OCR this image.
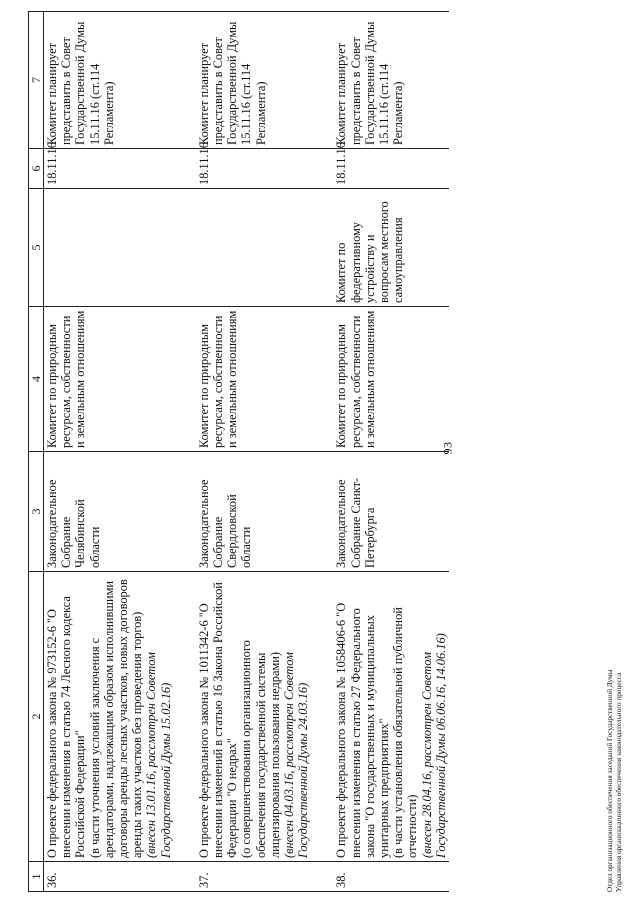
93
1	2	3	4	5	6	7
36.	О проекте федерального закона № 973152-6 "О внесении изменения в статью 74 Лесного кодекса Российской Федерации"
(в части уточнения условий заключения с арендаторами, надлежащим образом исполнившими договоры аренды лесных участков, новых договоров аренды таких участков без проведения торгов)
(внесен 13.01.16, рассмотрен Советом Государственной Думы 15.02.16)	Законодательное Собрание Челябинской области	Комитет по природным ресурсам, собственности и земельным отношениям		18.11.16	Комитет планирует представить в Совет Государственной Думы 15.11.16 (ст.114 Регламента)

37.	О проекте федерального закона № 1011342-6 "О внесении изменений в статью 16 Закона Российской Федерации "О недрах"
(о совершенствовании организационного обеспечения государственной системы лицензирования пользования недрами)
(внесен 04.03.16, рассмотрен Советом Государственной Думы 24.03.16)	Законодательное Собрание Свердловской области	Комитет по природным ресурсам, собственности и земельным отношениям		18.11.16	Комитет планирует представить в Совет Государственной Думы 15.11.16 (ст.114 Регламента)

38.	О проекте федерального закона № 1058406-6 "О внесении изменения в статью 27 Федерального закона "О государственных и муниципальных унитарных предприятиях"
(в части установления обязательной публичной отчетности)
(внесен 28.04.16, рассмотрен Советом Государственной Думы 06.06.16, 14.06.16)	Законодательное Собрание Санкт-Петербурга	Комитет по природным ресурсам, собственности и земельным отношениям	Комитет по федеративному устройству и вопросам местного самоуправления	18.11.16	Комитет планирует представить в Совет Государственной Думы 15.11.16 (ст.114 Регламента)
Отдел организационного обеспечения заседаний Государственной Думы Управления организационного обеспечения законодательного процесса
